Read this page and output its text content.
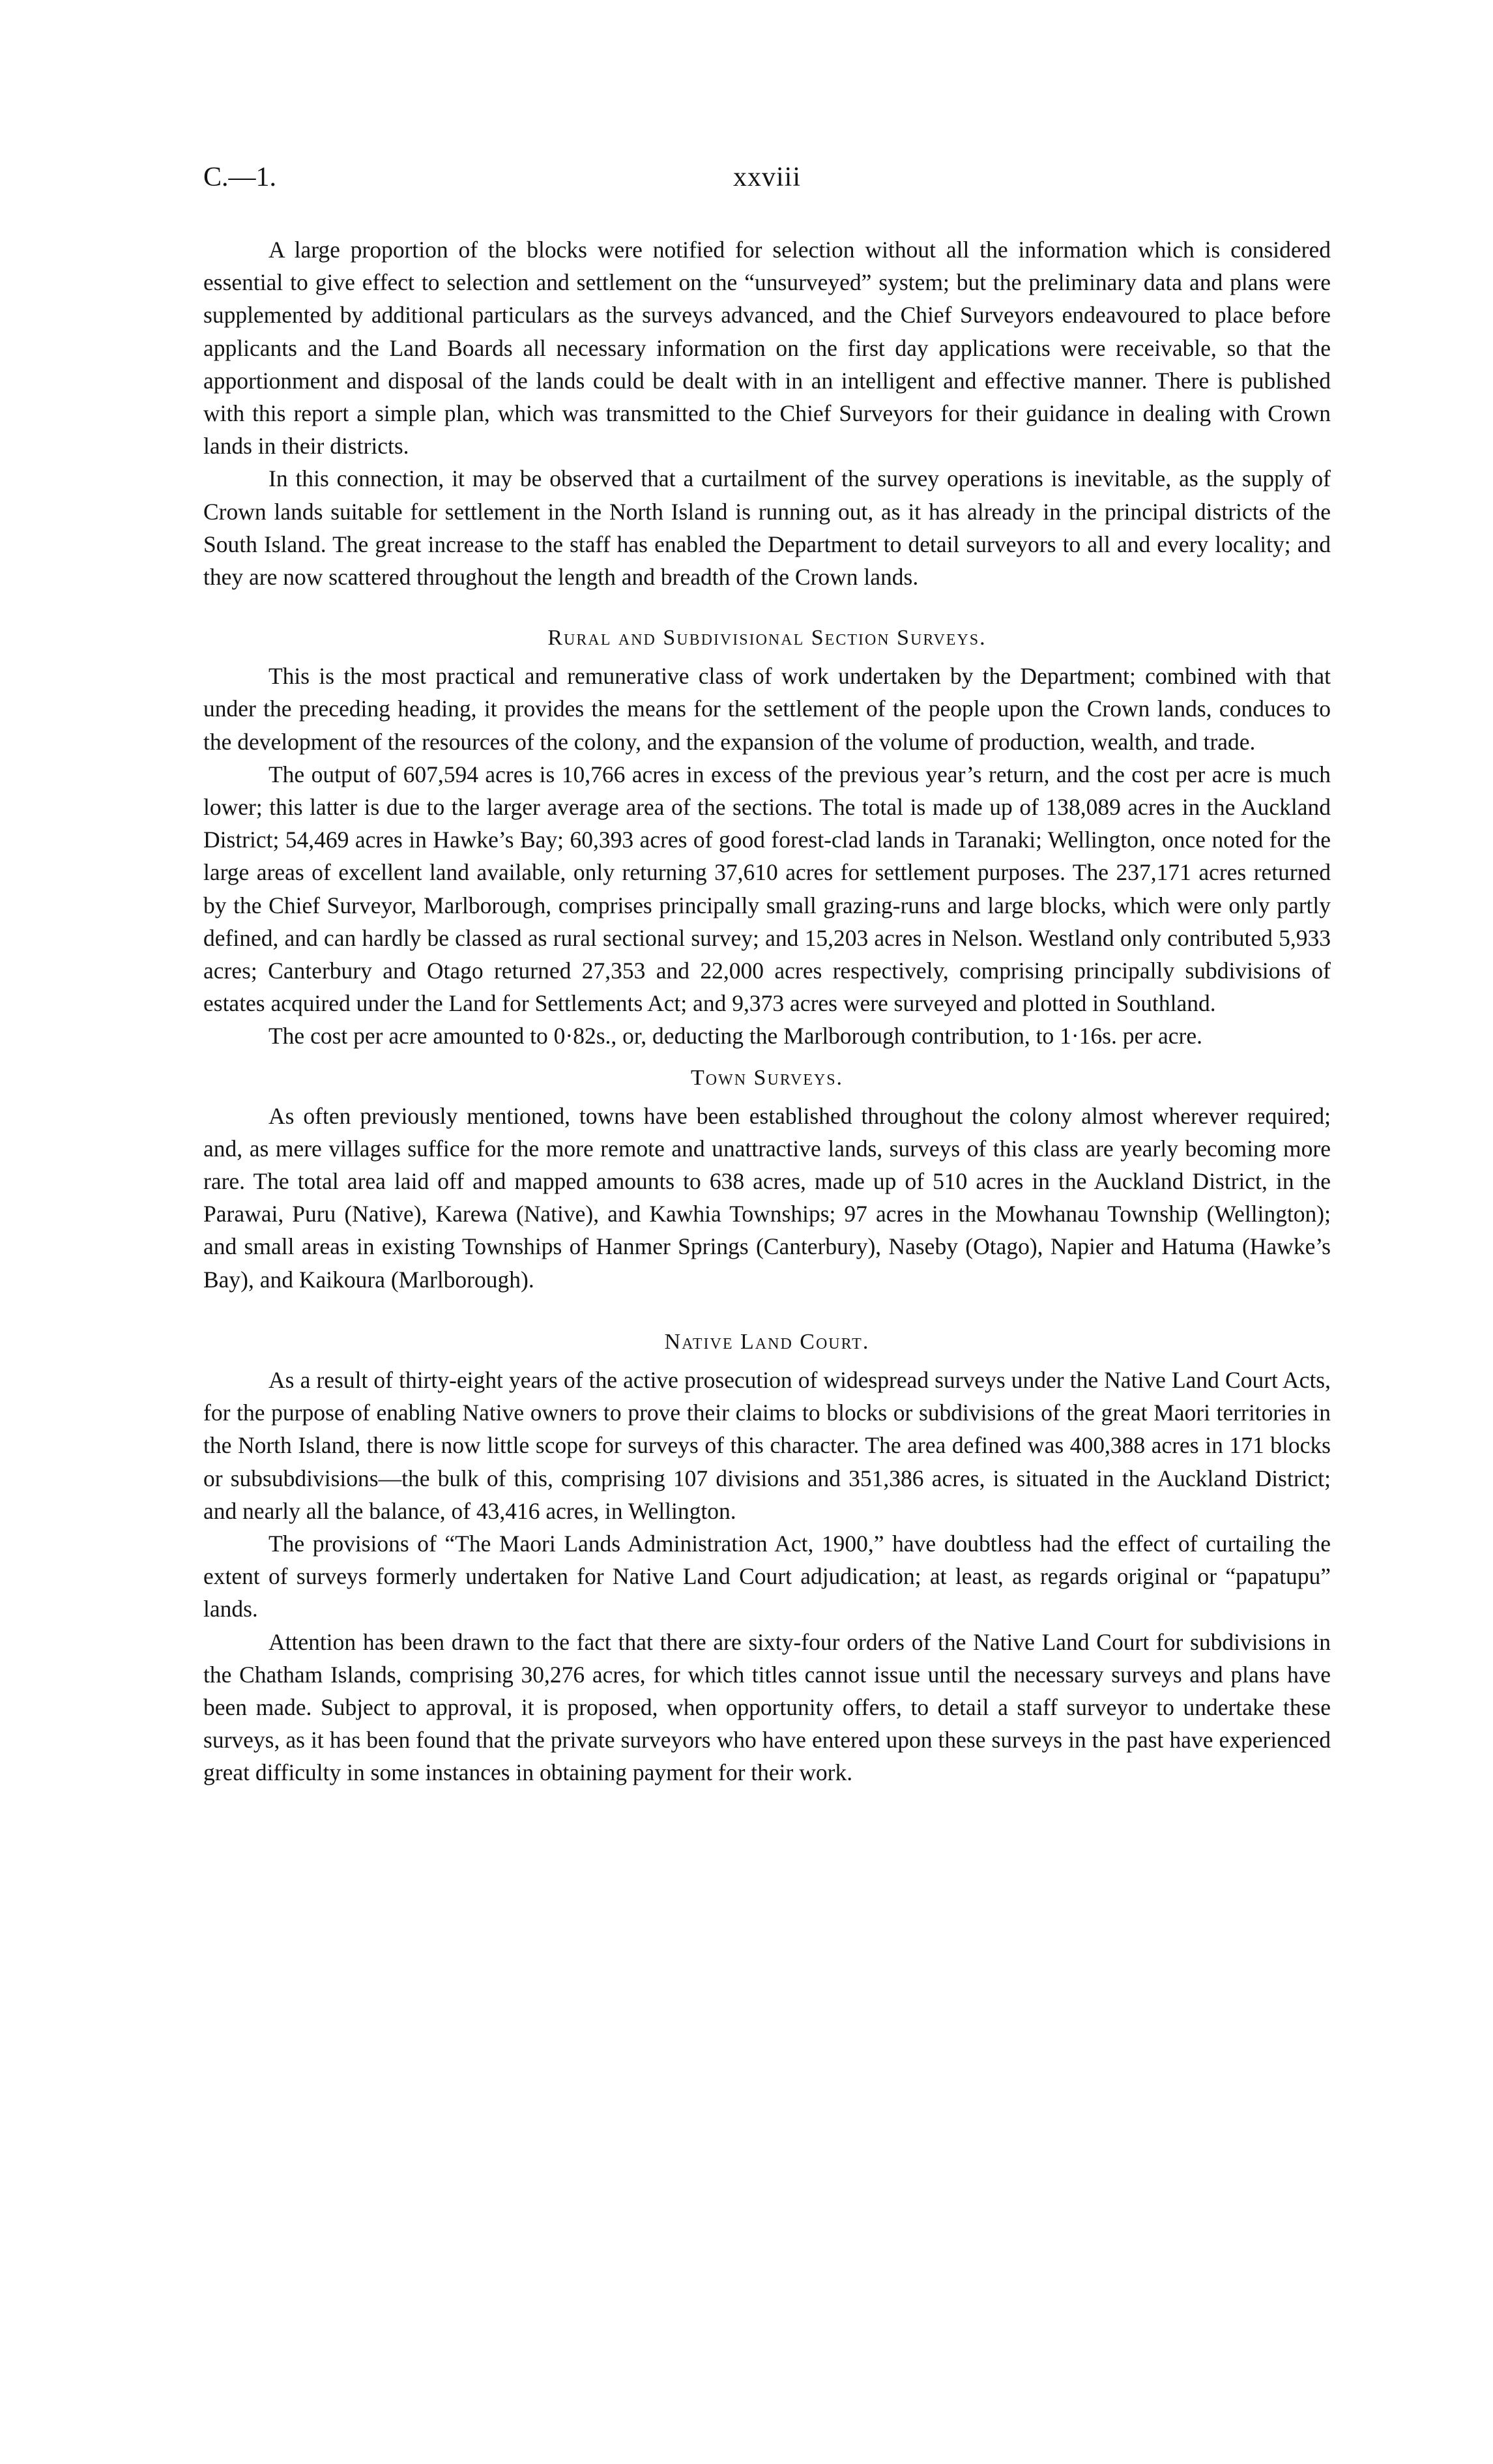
C.—1.	xxviii

A large proportion of the blocks were notified for selection without all the information which is considered essential to give effect to selection and settlement on the “unsurveyed” system; but the preliminary data and plans were supplemented by additional particulars as the surveys advanced, and the Chief Surveyors endeavoured to place before applicants and the Land Boards all necessary information on the first day applications were receivable, so that the apportionment and disposal of the lands could be dealt with in an intelligent and effective manner. There is published with this report a simple plan, which was transmitted to the Chief Surveyors for their guidance in dealing with Crown lands in their districts.

In this connection, it may be observed that a curtailment of the survey operations is inevitable, as the supply of Crown lands suitable for settlement in the North Island is running out, as it has already in the principal districts of the South Island. The great increase to the staff has enabled the Department to detail surveyors to all and every locality; and they are now scattered throughout the length and breadth of the Crown lands.

Rural and Subdivisional Section Surveys.

This is the most practical and remunerative class of work undertaken by the Department; combined with that under the preceding heading, it provides the means for the settlement of the people upon the Crown lands, conduces to the development of the resources of the colony, and the expansion of the volume of production, wealth, and trade.

The output of 607,594 acres is 10,766 acres in excess of the previous year’s return, and the cost per acre is much lower; this latter is due to the larger average area of the sections. The total is made up of 138,089 acres in the Auckland District; 54,469 acres in Hawke’s Bay; 60,393 acres of good forest-clad lands in Taranaki; Wellington, once noted for the large areas of excellent land available, only returning 37,610 acres for settlement purposes. The 237,171 acres returned by the Chief Surveyor, Marlborough, comprises principally small grazing-runs and large blocks, which were only partly defined, and can hardly be classed as rural sectional survey; and 15,203 acres in Nelson. Westland only contributed 5,933 acres; Canterbury and Otago returned 27,353 and 22,000 acres respectively, comprising principally subdivisions of estates acquired under the Land for Settlements Act; and 9,373 acres were surveyed and plotted in Southland.

The cost per acre amounted to 0·82s., or, deducting the Marlborough contribution, to 1·16s. per acre.

Town Surveys.

As often previously mentioned, towns have been established throughout the colony almost wherever required; and, as mere villages suffice for the more remote and unattractive lands, surveys of this class are yearly becoming more rare. The total area laid off and mapped amounts to 638 acres, made up of 510 acres in the Auckland District, in the Parawai, Puru (Native), Karewa (Native), and Kawhia Townships; 97 acres in the Mowhanau Township (Wellington); and small areas in existing Townships of Hanmer Springs (Canterbury), Naseby (Otago), Napier and Hatuma (Hawke’s Bay), and Kaikoura (Marlborough).

Native Land Court.

As a result of thirty-eight years of the active prosecution of widespread surveys under the Native Land Court Acts, for the purpose of enabling Native owners to prove their claims to blocks or subdivisions of the great Maori territories in the North Island, there is now little scope for surveys of this character. The area defined was 400,388 acres in 171 blocks or subsubdivisions—the bulk of this, comprising 107 divisions and 351,386 acres, is situated in the Auckland District; and nearly all the balance, of 43,416 acres, in Wellington.

The provisions of “The Maori Lands Administration Act, 1900,” have doubtless had the effect of curtailing the extent of surveys formerly undertaken for Native Land Court adjudication; at least, as regards original or “papatupu” lands.

Attention has been drawn to the fact that there are sixty-four orders of the Native Land Court for subdivisions in the Chatham Islands, comprising 30,276 acres, for which titles cannot issue until the necessary surveys and plans have been made. Subject to approval, it is proposed, when opportunity offers, to detail a staff surveyor to undertake these surveys, as it has been found that the private surveyors who have entered upon these surveys in the past have experienced great difficulty in some instances in obtaining payment for their work.
